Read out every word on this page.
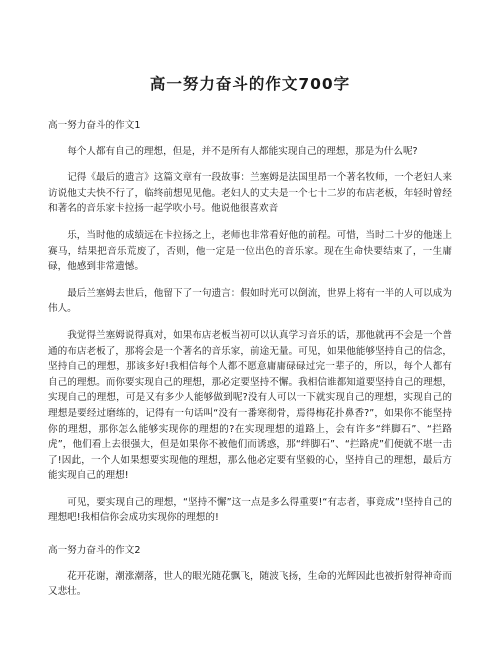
高一努力奋斗的作文700字

高一努力奋斗的作文1

每个人都有自己的理想，但是，并不是所有人都能实现自己的理想，那是为什么呢?

记得《最后的遗言》这篇文章有一段故事：兰塞姆是法国里昂一个著名牧师，一个老妇人来访说他丈夫快不行了，临终前想见见他。老妇人的丈夫是一个七十二岁的布店老板，年轻时曾经和著名的音乐家卡拉扬一起学吹小号。他说他很喜欢音

乐，当时他的成绩远在卡拉扬之上，老师也非常看好他的前程。可惜，当时二十岁的他迷上赛马，结果把音乐荒废了，否则，他一定是一位出色的音乐家。现在生命快要结束了，一生庸碌，他感到非常遗憾。

最后兰塞姆去世后，他留下了一句遗言：假如时光可以倒流，世界上将有一半的人可以成为伟人。

我觉得兰塞姆说得真对，如果布店老板当初可以认真学习音乐的话，那他就再不会是一个普通的布店老板了，那将会是一个著名的音乐家，前途无量。可见，如果他能够坚持自己的信念，坚持自己的理想，那该多好!我相信每个人都不愿意庸庸碌碌过完一辈子的，所以，每个人都有自己的理想。而你要实现自己的理想，那必定要坚持不懈。我相信谁都知道要坚持自己的理想，实现自己的理想，可是又有多少人能够做到呢?没有人可以一下就实现自己的理想，实现自己的理想是要经过磨练的，记得有一句话叫“没有一番寒彻骨，焉得梅花扑鼻香?”，如果你不能坚持你的理想，那你怎么能够实现你的理想的?在实现理想的道路上，会有许多“绊脚石”、“拦路虎”，他们看上去很强大，但是如果你不被他们而诱惑，那“绊脚石”、“拦路虎”们便就不堪一击了!因此，一个人如果想要实现他的理想，那么他必定要有坚毅的心，坚持自己的理想，最后方能实现自己的理想!

可见，要实现自己的理想，“坚持不懈”这一点是多么得重要!“有志者，事竟成”!坚持自己的理想吧!我相信你会成功实现你的理想的!

高一努力奋斗的作文2

花开花谢，潮涨潮落，世人的眼光随花飘飞，随波飞扬，生命的光辉因此也被折射得神奇而又悲壮。
